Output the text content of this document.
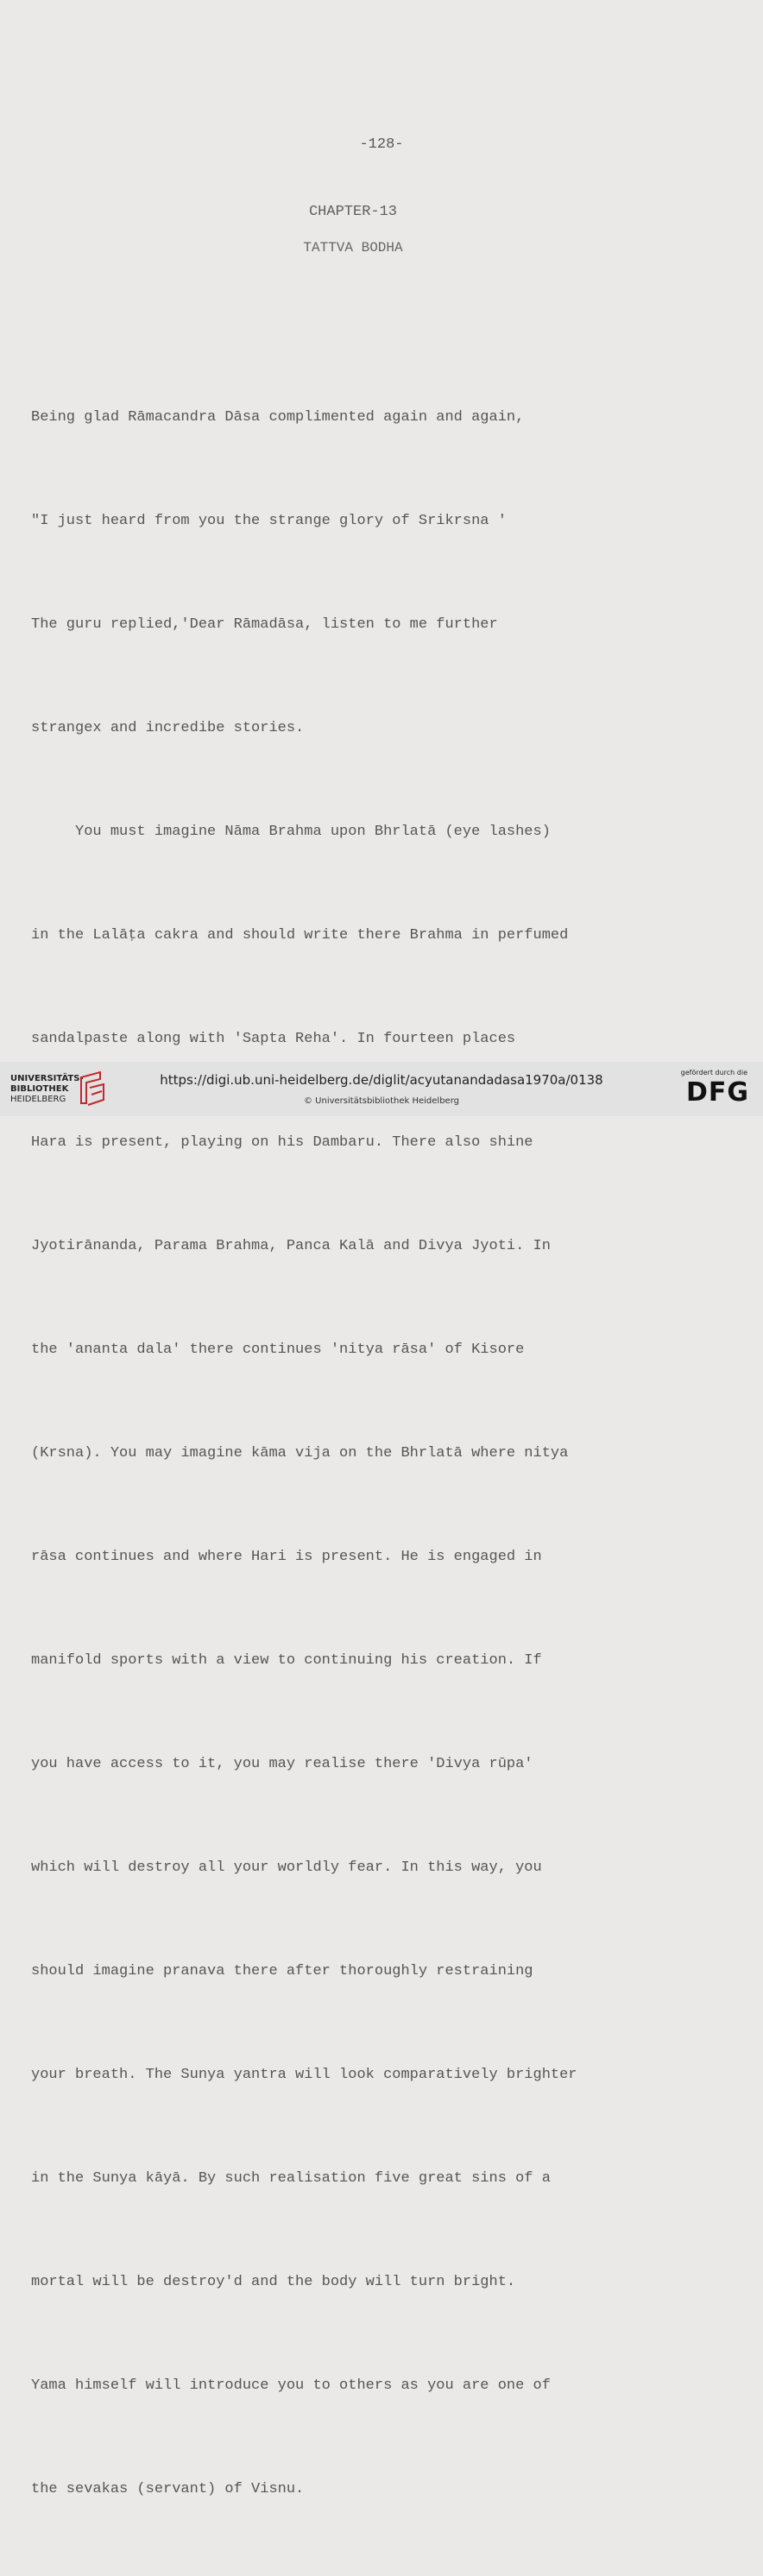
-128-
CHAPTER-13
TATTVA BODHA

Being glad Rāmacandra Dāsa complimented again and again,

"I just heard from you the strange glory of Srikrsna '

The guru replied,'Dear Rāmadāsa, listen to me further

strangex and incredibe stories.

You must imagine Nāma Brahma upon Bhrlatā (eye lashes)

in the Lalāṭa cakra and should write there Brahma in perfumed

sandalpaste along with 'Sapta Reha'. In fourteen places

Hara is present, playing on his Dambaru. There also shine

Jyotirānanda, Parama Brahma, Panca Kalā and Divya Jyoti. In

the 'ananta dala' there continues 'nitya rāsa' of Kisore

(Krsna). You may imagine kāma vija on the Bhrlatā where nitya

rāsa continues and where Hari is present. He is engaged in

manifold sports with a view to continuing his creation. If

you have access to it, you may realise there 'Divya rūpa'

which will destroy all your worldly fear. In this way, you

should imagine pranava there after thoroughly restraining

your breath. The Sunya yantra will look comparatively brighter

in the Sunya kāyā. By such realisation five great sins of a

mortal will be destroy'd and the body will turn bright.

Yama himself will introduce you to others as you are one of

the sevakas (servant) of Visnu.

UNIVERSITÄTS-
BIBLIOTHEK
HEIDELBERG
https://digi.ub.uni-heidelberg.de/diglit/acyutanandadasa1970a/0138
© Universitätsbibliothek Heidelberg
gefördert durch die
DFG
